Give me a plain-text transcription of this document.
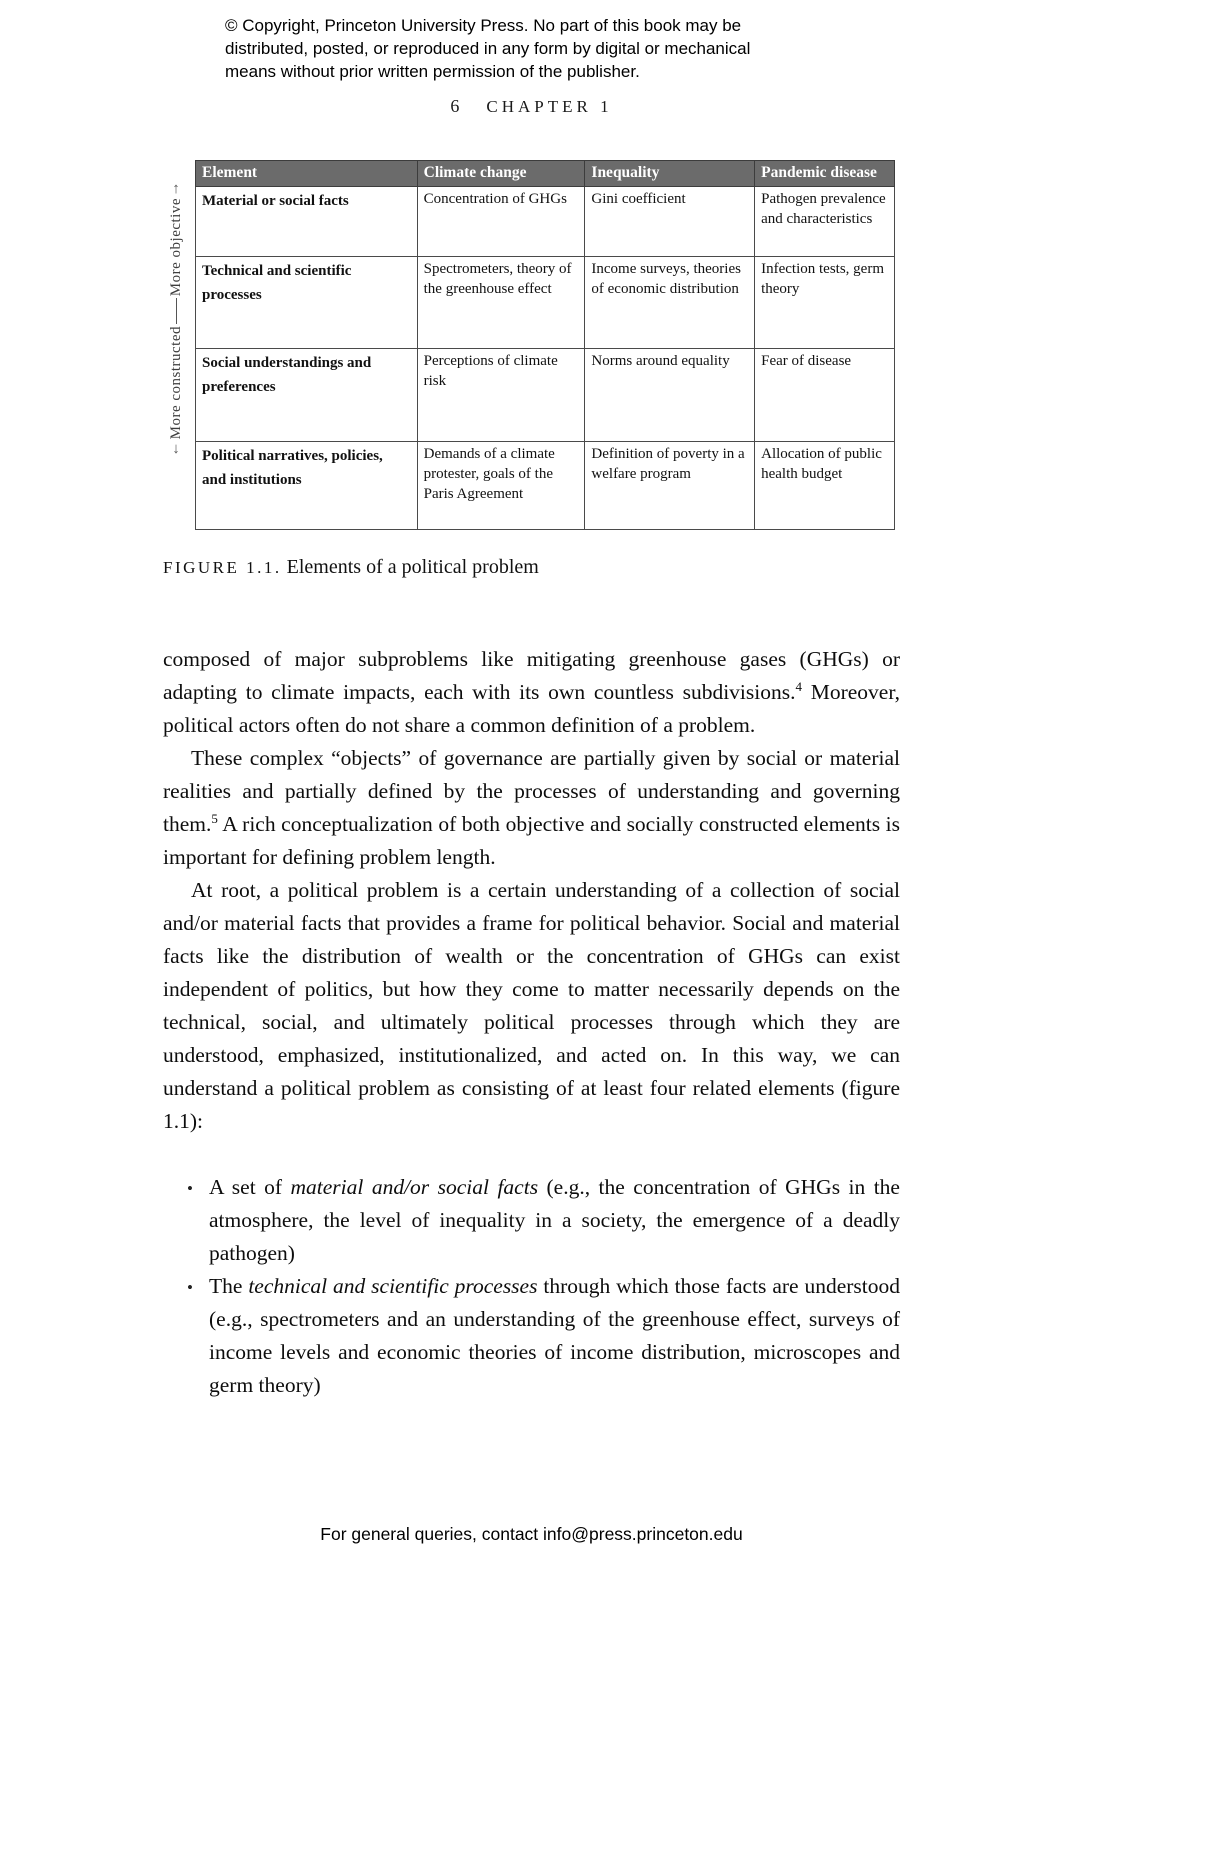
© Copyright, Princeton University Press. No part of this book may be
distributed, posted, or reproduced in any form by digital or mechanical
means without prior written permission of the publisher.
6 CHAPTER 1
↑
More objective
More constructed
↓
Element	Climate change	Inequality	Pandemic disease
Material or social facts	Concentration of GHGs	Gini coefficient	Pathogen prevalence and characteristics
Technical and scientific processes	Spectrometers, theory of the greenhouse effect	Income surveys, theories of economic distribution	Infection tests, germ theory
Social understandings and preferences	Perceptions of climate risk	Norms around equality	Fear of disease
Political narratives, policies, and institutions	Demands of a climate protester, goals of the Paris Agreement	Definition of poverty in a welfare program	Allocation of public health budget
FIGURE 1.1. Elements of a political problem

composed of major subproblems like mitigating greenhouse gases (GHGs) or adapting to climate impacts, each with its own countless subdivisions.$^4$ Moreover, political actors often do not share a common definition of a problem.

These complex “objects” of governance are partially given by social or material realities and partially defined by the processes of understanding and governing them.$^5$ A rich conceptualization of both objective and socially constructed elements is important for defining problem length.

At root, a political problem is a certain understanding of a collection of social and/or material facts that provides a frame for political behavior. Social and material facts like the distribution of wealth or the concentration of GHGs can exist independent of politics, but how they come to matter necessarily depends on the technical, social, and ultimately political processes through which they are understood, emphasized, institutionalized, and acted on. In this way, we can understand a political problem as consisting of at least four related elements (figure 1.1):

• A set of material and/or social facts (e.g., the concentration of GHGs in the atmosphere, the level of inequality in a society, the emergence of a deadly pathogen)
• The technical and scientific processes through which those facts are understood (e.g., spectrometers and an understanding of the greenhouse effect, surveys of income levels and economic theories of income distribution, microscopes and germ theory)
For general queries, contact info@press.princeton.edu
